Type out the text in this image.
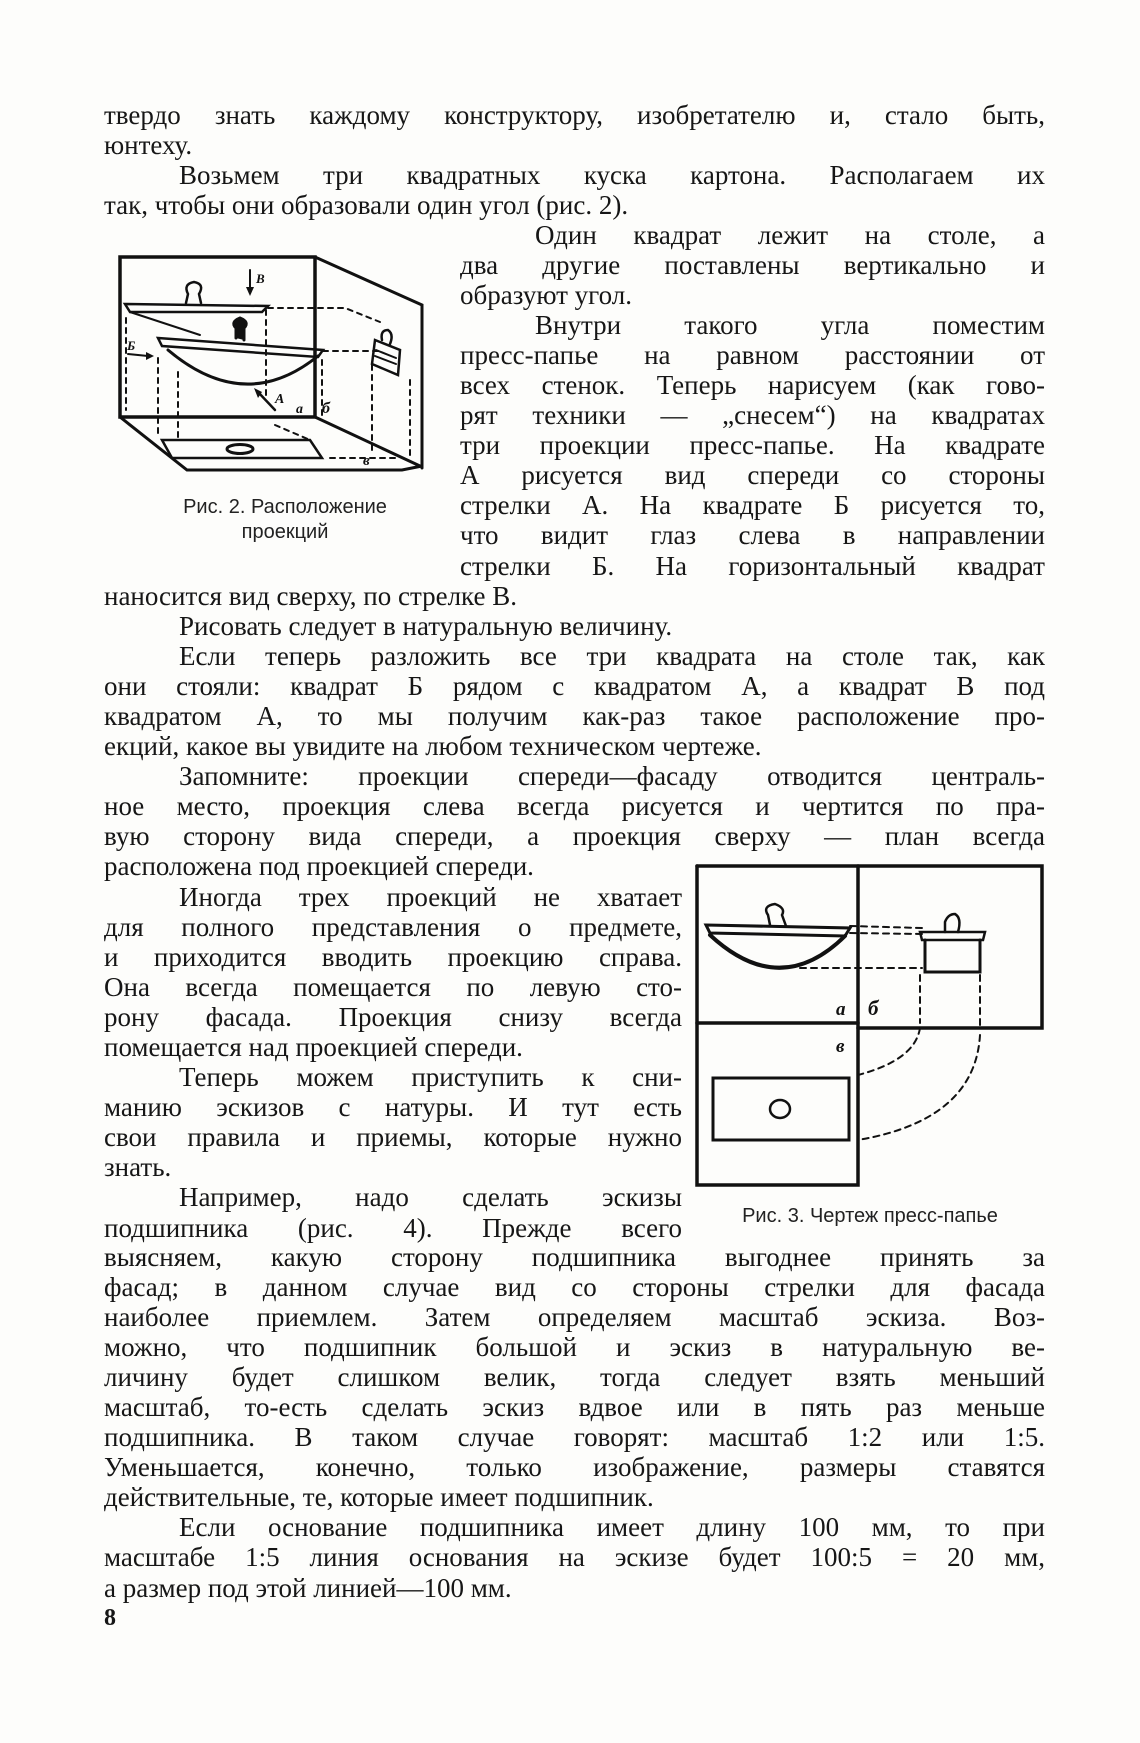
твердо знать каждому конструктору, изобретателю и, стало быть,
юнтеху.
Возьмем три квадратных куска картона. Располагаем их
так, чтобы они образовали один угол (рис. 2).
Один квадрат лежит на столе, а
два другие поставлены вертикально и
образуют угол.
Внутри такого угла поместим
пресс-папье на равном расстоянии от
всех стенок. Теперь нарисуем (как гово-
рят техники — „снесем“) на квадратах
три проекции пресс-папье. На квадрате
А рисуется вид спереди со стороны
стрелки А. На квадрате Б рисуется то,
что видит глаз слева в направлении
стрелки Б. На горизонтальный квадрат
наносится вид сверху, по стрелке В.
Рисовать следует в натуральную величину.
Если теперь разложить все три квадрата на столе так, как
они стояли: квадрат Б рядом с квадратом А, а квадрат В под
квадратом А, то мы получим как-раз такое расположение про-
екций, какое вы увидите на любом техническом чертеже.
Запомните: проекции спереди—фасаду отводится централь-
ное место, проекция слева всегда рисуется и чертится по пра-
вую сторону вида спереди, а проекция сверху — план всегда
расположена под проекцией спереди.
Иногда трех проекций не хватает
для полного представления о предмете,
и приходится вводить проекцию справа.
Она всегда помещается по левую сто-
рону фасада. Проекция снизу всегда
помещается над проекцией спереди.
Теперь можем приступить к сни-
манию эскизов с натуры. И тут есть
свои правила и приемы, которые нужно
знать.
Например, надо сделать эскизы
подшипника (рис. 4). Прежде всего
выясняем, какую сторону подшипника выгоднее принять за
фасад; в данном случае вид со стороны стрелки для фасада
наиболее приемлем. Затем определяем масштаб эскиза. Воз-
можно, что подшипник большой и эскиз в натуральную ве-
личину будет слишком велик, тогда следует взять меньший
масштаб, то-есть сделать эскиз вдвое или в пять раз меньше
подшипника. В таком случае говорят: масштаб 1:2 или 1:5.
Уменьшается, конечно, только изображение, размеры ставятся
действительные, те, которые имеет подшипник.
Если основание подшипника имеет длину 100 мм, то при
масштабе 1:5 линия основания на эскизе будет 100:5 = 20 мм,
а размер под этой линией—100 мм.
В
Б
А
а б
в
Рис. 2. Расположение
проекций
а б
в
Рис. 3. Чертеж пресс-папье
8
